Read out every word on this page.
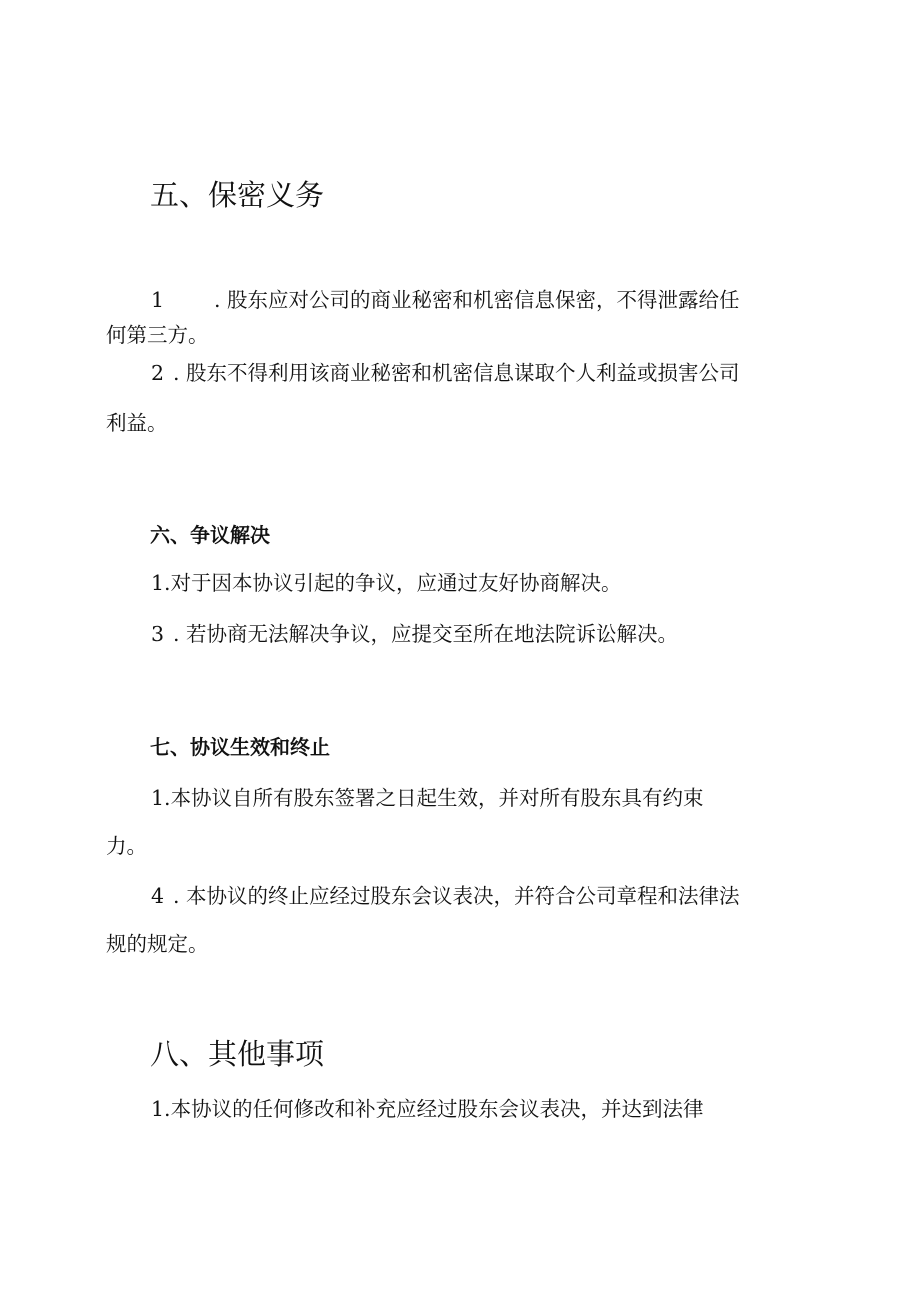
五、保密义务
1 . 股东应对公司的商业秘密和机密信息保密，不得泄露给任
何第三方。
2 . 股东不得利用该商业秘密和机密信息谋取个人利益或损害公司
利益。
六、争议解决
1.对于因本协议引起的争议，应通过友好协商解决。
3 . 若协商无法解决争议，应提交至所在地法院诉讼解决。
七、协议生效和终止
1.本协议自所有股东签署之日起生效，并对所有股东具有约束
力。
4 . 本协议的终止应经过股东会议表决，并符合公司章程和法律法
规的规定。
八、其他事项
1.本协议的任何修改和补充应经过股东会议表决，并达到法律
